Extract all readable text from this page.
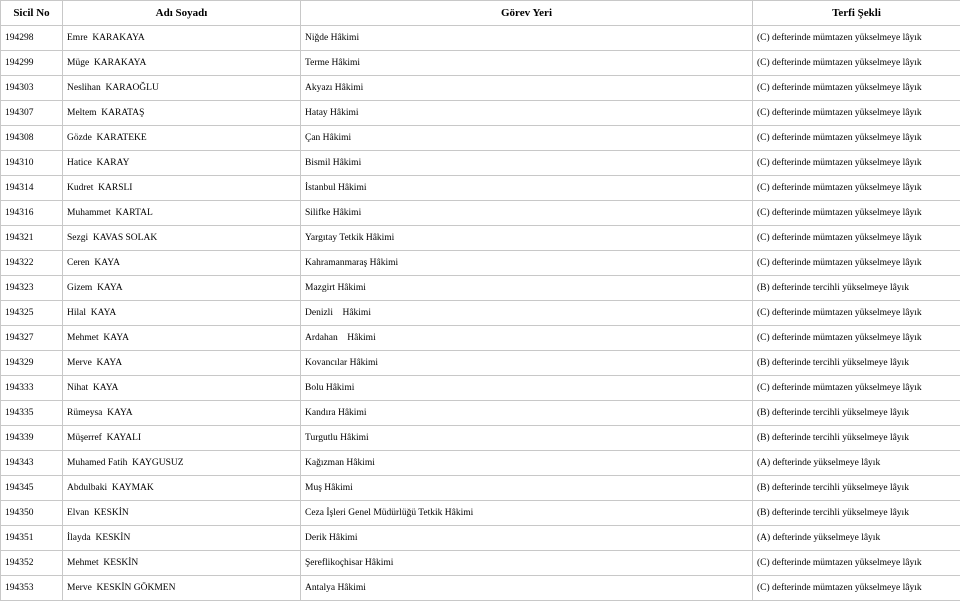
Sicil No	Adı Soyadı	Görev Yeri	Terfi Şekli
194298	Emre  KARAKAYA	Niğde Hâkimi	(C) defterinde mümtazen yükselmeye lâyık
194299	Müge  KARAKAYA	Terme Hâkimi	(C) defterinde mümtazen yükselmeye lâyık
194303	Neslihan  KARAOĞLU	Akyazı Hâkimi	(C) defterinde mümtazen yükselmeye lâyık
194307	Meltem  KARATAŞ	Hatay Hâkimi	(C) defterinde mümtazen yükselmeye lâyık
194308	Gözde  KARATEKE	Çan Hâkimi	(C) defterinde mümtazen yükselmeye lâyık
194310	Hatice  KARAY	Bismil Hâkimi	(C) defterinde mümtazen yükselmeye lâyık
194314	Kudret  KARSLI	İstanbul Hâkimi	(C) defterinde mümtazen yükselmeye lâyık
194316	Muhammet  KARTAL	Silifke Hâkimi	(C) defterinde mümtazen yükselmeye lâyık
194321	Sezgi  KAVAS SOLAK	Yargıtay Tetkik Hâkimi	(C) defterinde mümtazen yükselmeye lâyık
194322	Ceren  KAYA	Kahramanmaraş Hâkimi	(C) defterinde mümtazen yükselmeye lâyık
194323	Gizem  KAYA	Mazgirt Hâkimi	(B) defterinde tercihli yükselmeye lâyık
194325	Hilal  KAYA	Denizli    Hâkimi	(C) defterinde mümtazen yükselmeye lâyık
194327	Mehmet  KAYA	Ardahan    Hâkimi	(C) defterinde mümtazen yükselmeye lâyık
194329	Merve  KAYA	Kovancılar Hâkimi	(B) defterinde tercihli yükselmeye lâyık
194333	Nihat  KAYA	Bolu Hâkimi	(C) defterinde mümtazen yükselmeye lâyık
194335	Rümeysa  KAYA	Kandıra Hâkimi	(B) defterinde tercihli yükselmeye lâyık
194339	Müşerref  KAYALI	Turgutlu Hâkimi	(B) defterinde tercihli yükselmeye lâyık
194343	Muhamed Fatih  KAYGUSUZ	Kağızman Hâkimi	(A) defterinde yükselmeye lâyık
194345	Abdulbaki  KAYMAK	Muş Hâkimi	(B) defterinde tercihli yükselmeye lâyık
194350	Elvan  KESKİN	Ceza İşleri Genel Müdürlüğü Tetkik Hâkimi	(B) defterinde tercihli yükselmeye lâyık
194351	İlayda  KESKİN	Derik Hâkimi	(A) defterinde yükselmeye lâyık
194352	Mehmet  KESKİN	Şereflikoçhisar Hâkimi	(C) defterinde mümtazen yükselmeye lâyık
194353	Merve  KESKİN GÖKMEN	Antalya Hâkimi	(C) defterinde mümtazen yükselmeye lâyık
